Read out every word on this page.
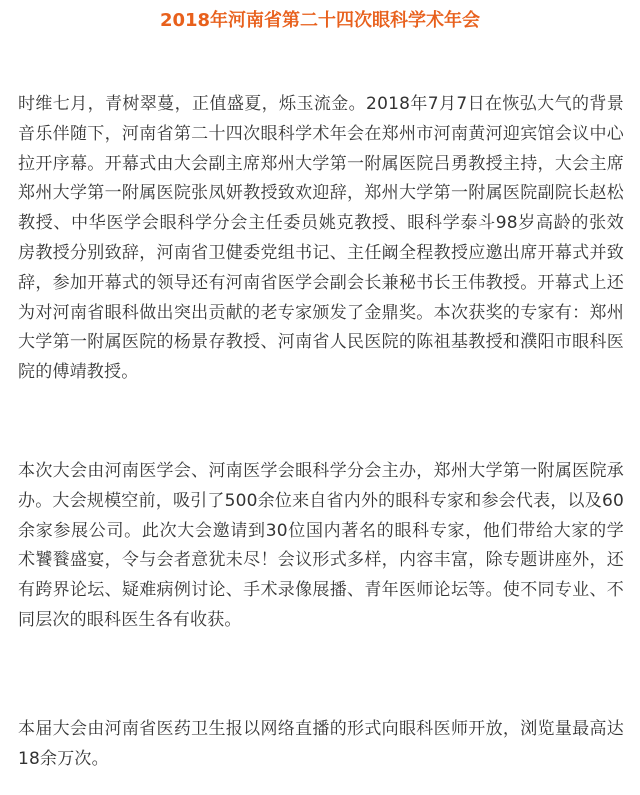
2018年河南省第二十四次眼科学术年会

时维七月，青树翠蔓，正值盛夏，烁玉流金。2018年7月7日在恢弘大气的背景音乐伴随下，河南省第二十四次眼科学术年会在郑州市河南黄河迎宾馆会议中心拉开序幕。开幕式由大会副主席郑州大学第一附属医院吕勇教授主持，大会主席郑州大学第一附属医院张凤妍教授致欢迎辞，郑州大学第一附属医院副院长赵松教授、中华医学会眼科学分会主任委员姚克教授、眼科学泰斗98岁高龄的张效房教授分别致辞，河南省卫健委党组书记、主任阚全程教授应邀出席开幕式并致辞，参加开幕式的领导还有河南省医学会副会长兼秘书长王伟教授。开幕式上还为对河南省眼科做出突出贡献的老专家颁发了金鼎奖。本次获奖的专家有：郑州大学第一附属医院的杨景存教授、河南省人民医院的陈祖基教授和濮阳市眼科医院的傅靖教授。

本次大会由河南医学会、河南医学会眼科学分会主办，郑州大学第一附属医院承办。大会规模空前，吸引了500余位来自省内外的眼科专家和参会代表，以及60余家参展公司。此次大会邀请到30位国内著名的眼科专家，他们带给大家的学术饕餮盛宴，令与会者意犹未尽！会议形式多样，内容丰富，除专题讲座外，还有跨界论坛、疑难病例讨论、手术录像展播、青年医师论坛等。使不同专业、不同层次的眼科医生各有收获。

本届大会由河南省医药卫生报以网络直播的形式向眼科医师开放，浏览量最高达18余万次。
